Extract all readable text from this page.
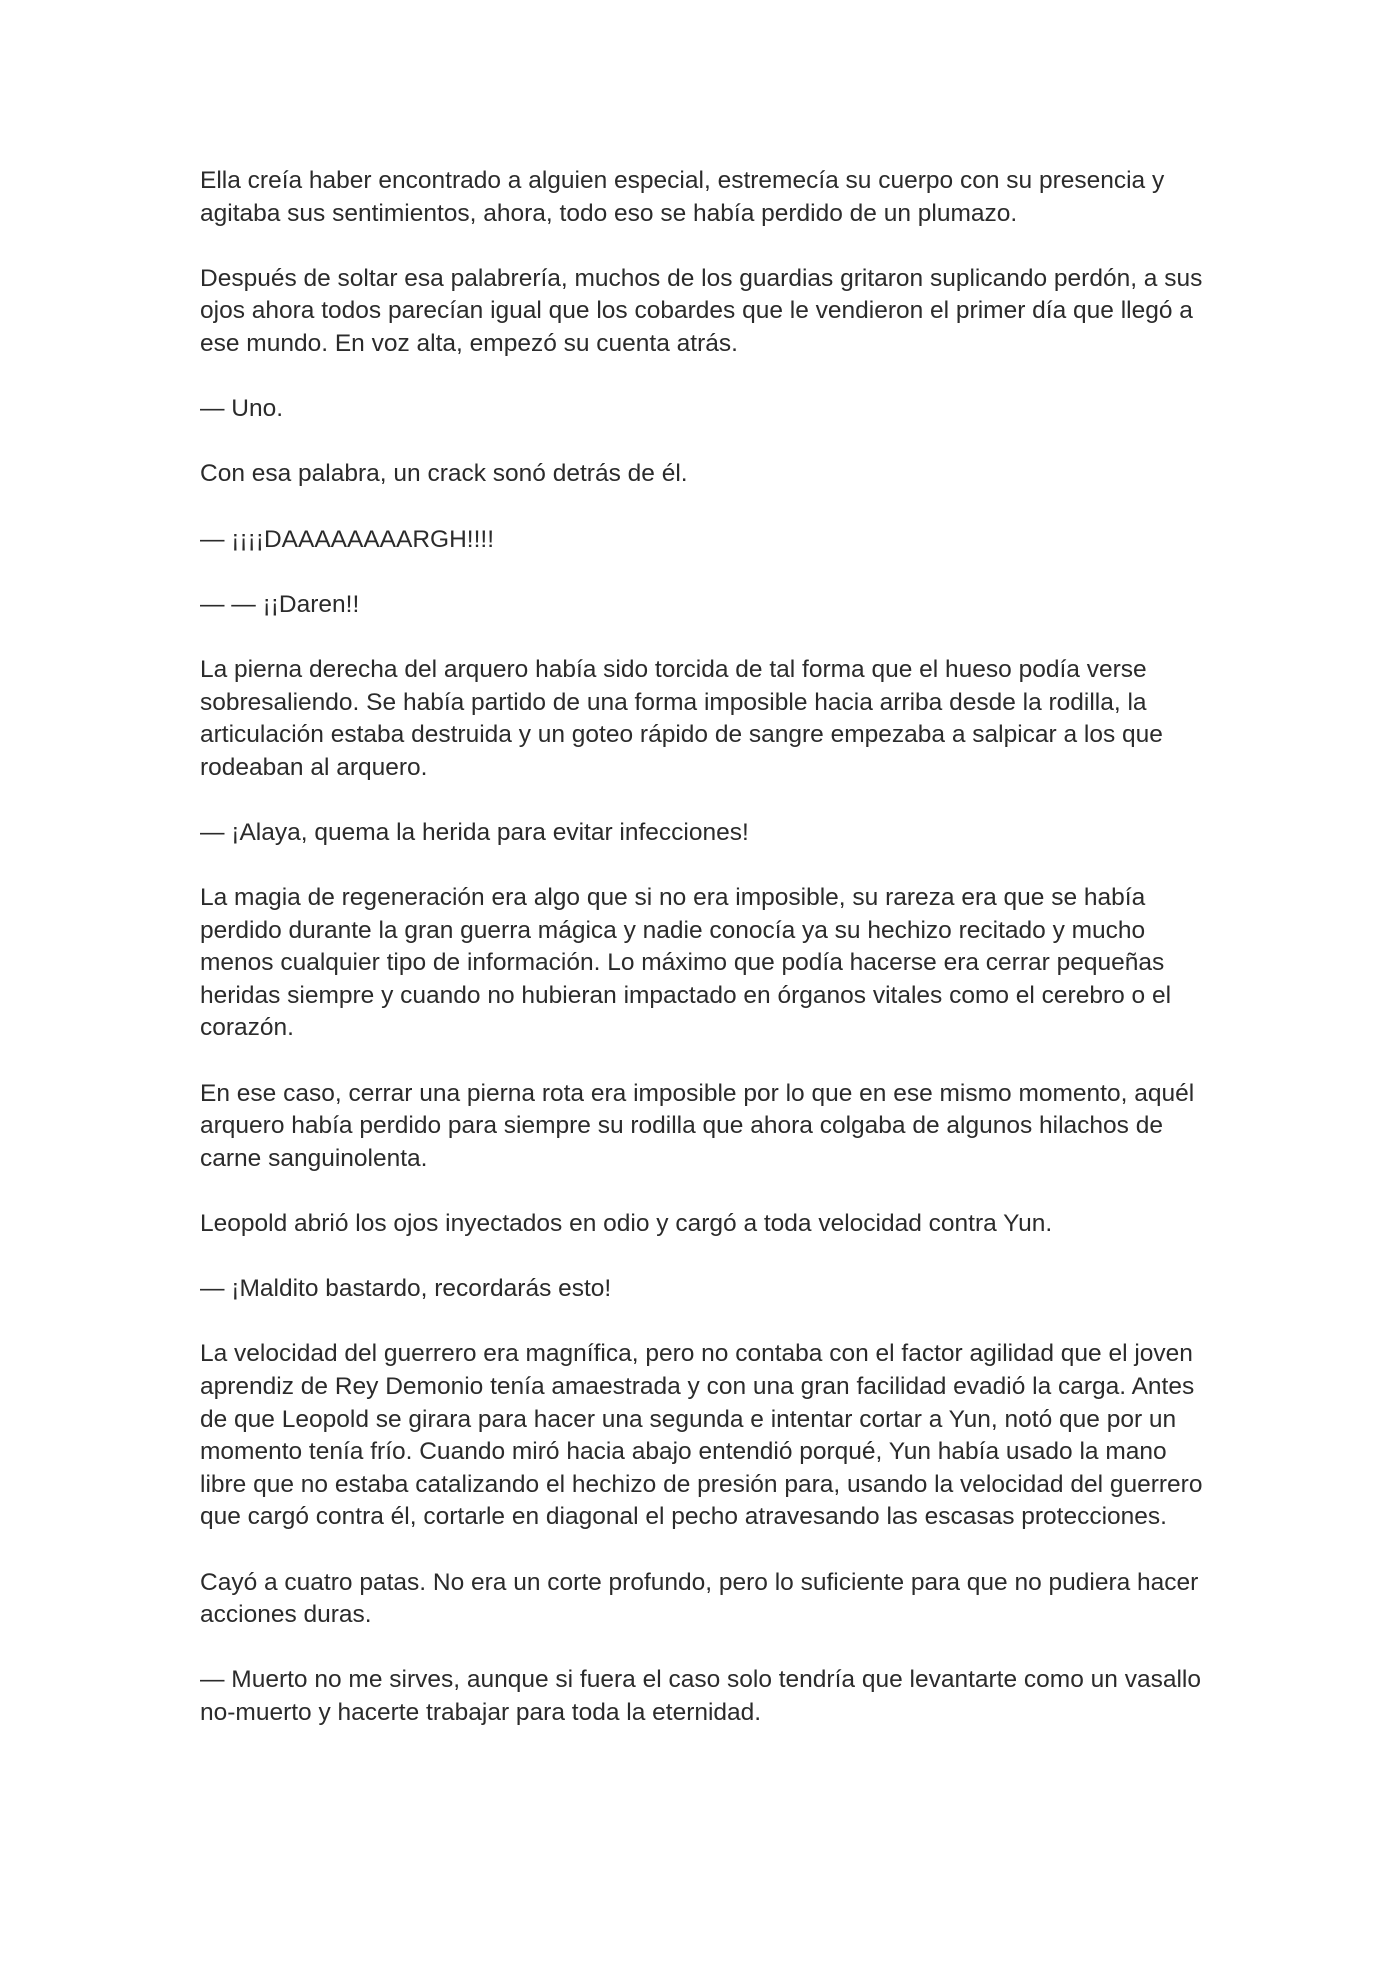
Ella creía haber encontrado a alguien especial, estremecía su cuerpo con su presencia y agitaba sus sentimientos, ahora, todo eso se había perdido de un plumazo.

Después de soltar esa palabrería, muchos de los guardias gritaron suplicando perdón, a sus ojos ahora todos parecían igual que los cobardes que le vendieron el primer día que llegó a ese mundo. En voz alta, empezó su cuenta atrás.

— Uno.

Con esa palabra, un crack sonó detrás de él.

— ¡¡¡¡DAAAAAAAARGH!!!!

— — ¡¡Daren!!

La pierna derecha del arquero había sido torcida de tal forma que el hueso podía verse sobresaliendo. Se había partido de una forma imposible hacia arriba desde la rodilla, la articulación estaba destruida y un goteo rápido de sangre empezaba a salpicar a los que rodeaban al arquero.

— ¡Alaya, quema la herida para evitar infecciones!

La magia de regeneración era algo que si no era imposible, su rareza era que se había perdido durante la gran guerra mágica y nadie conocía ya su hechizo recitado y mucho menos cualquier tipo de información. Lo máximo que podía hacerse era cerrar pequeñas heridas siempre y cuando no hubieran impactado en órganos vitales como el cerebro o el corazón.

En ese caso, cerrar una pierna rota era imposible por lo que en ese mismo momento, aquél arquero había perdido para siempre su rodilla que ahora colgaba de algunos hilachos de carne sanguinolenta.

Leopold abrió los ojos inyectados en odio y cargó a toda velocidad contra Yun.

— ¡Maldito bastardo, recordarás esto!

La velocidad del guerrero era magnífica, pero no contaba con el factor agilidad que el joven aprendiz de Rey Demonio tenía amaestrada y con una gran facilidad evadió la carga. Antes de que Leopold se girara para hacer una segunda e intentar cortar a Yun, notó que por un momento tenía frío. Cuando miró hacia abajo entendió porqué, Yun había usado la mano libre que no estaba catalizando el hechizo de presión para, usando la velocidad del guerrero que cargó contra él, cortarle en diagonal el pecho atravesando las escasas protecciones.

Cayó a cuatro patas. No era un corte profundo, pero lo suficiente para que no pudiera hacer acciones duras.

— Muerto no me sirves, aunque si fuera el caso solo tendría que levantarte como un vasallo no-muerto y hacerte trabajar para toda la eternidad.
